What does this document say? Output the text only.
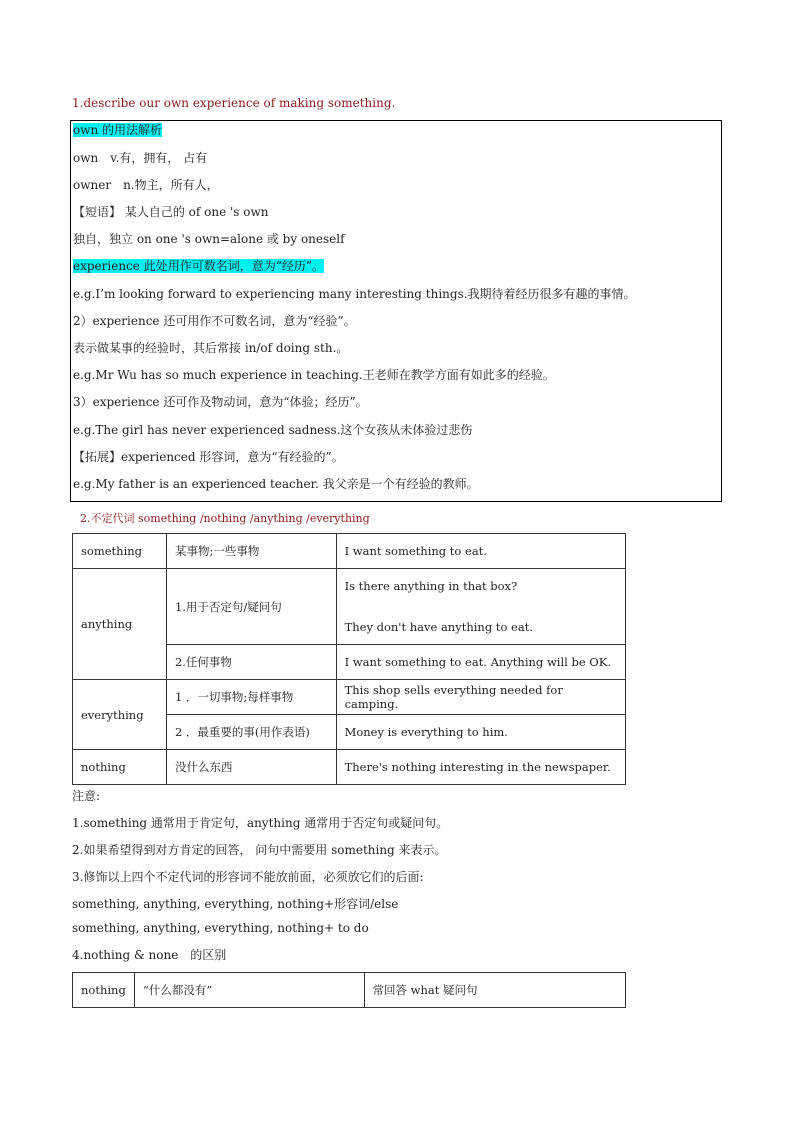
1.describe our own experience of making something.
own 的用法解析
own　v.有，拥有， 占有
owner　n.物主，所有人，
【短语】 某人自己的 of one 's own
独自，独立 on one 's own=alone 或 by oneself
experience 此处用作可数名词，意为“经历”。
e.g.I’m looking forward to experiencing many interesting things.我期待着经历很多有趣的事情。
2）experience 还可用作不可数名词，意为“经验”。
表示做某事的经验时，其后常接 in/of doing sth.。
e.g.Mr Wu has so much experience in teaching.王老师在教学方面有如此多的经验。
3）experience 还可作及物动词，意为“体验；经历”。
e.g.The girl has never experienced sadness.这个女孩从未体验过悲伤
【拓展】experienced 形容词，意为“有经验的”。
e.g.My father is an experienced teacher. 我父亲是一个有经验的教师。
2.不定代词 something /nothing /anything /everything
something	某事物;一些事物	I want something to eat.
anything	1.用于否定句/疑问句	Is there anything in that box?
They don't have anything to eat.

	2.任何事物	I want something to eat. Anything will be OK.
everything	1 ．一切事物;每样事物	This shop sells everything needed for camping.
	2 ．最重要的事(用作表语)	Money is everything to him.
nothing	没什么东西	There's nothing interesting in the newspaper.
注意:
1.something 通常用于肯定句，anything 通常用于否定句或疑问句。
2.如果希望得到对方肯定的回答， 问句中需要用 something 来表示。
3.修饰以上四个不定代词的形容词不能放前面，必须放它们的后面:
something, anything, everything, nothing+形容词/else
something, anything, everything, nothing+ to do
4.nothing & none　的区别
nothing	“什么都没有”	常回答 what 疑问句
